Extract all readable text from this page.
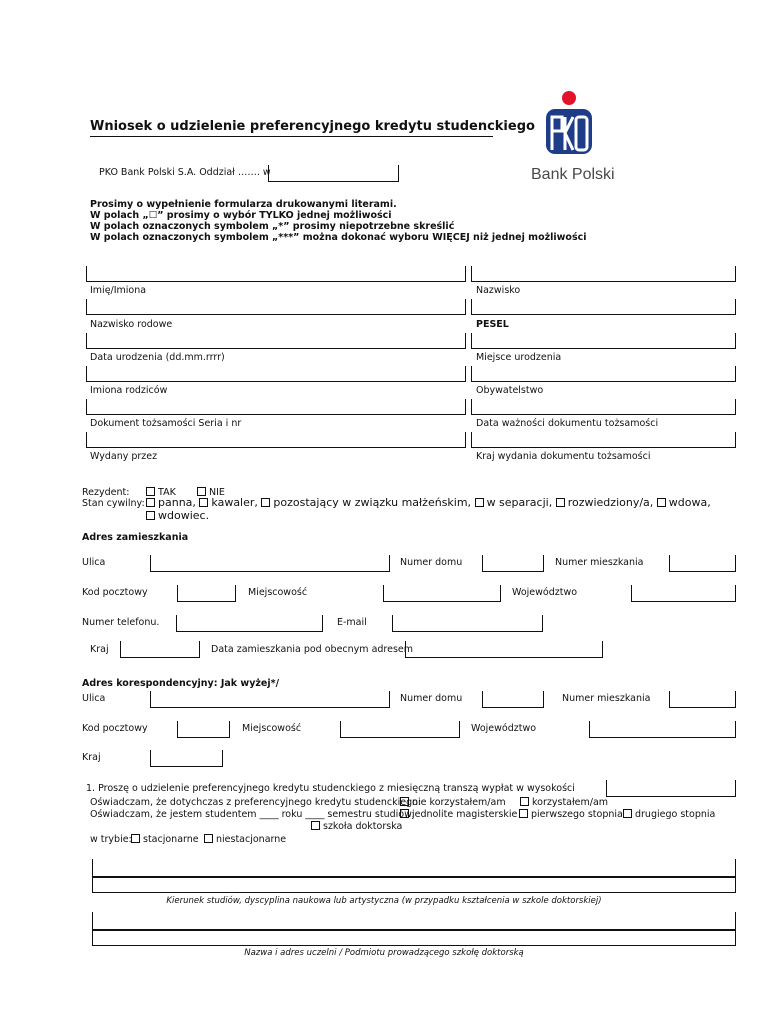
Wniosek o udzielenie preferencyjnego kredytu studenckiego
Bank Polski
PKO Bank Polski S.A. Oddział ……. w
Prosimy o wypełnienie formularza drukowanymi literami.
W polach „☐” prosimy o wybór TYLKO jednej możliwości
W polach oznaczonych symbolem „*” prosimy niepotrzebne skreślić
W polach oznaczonych symbolem „***” można dokonać wyboru WIĘCEJ niż jednej możliwości
Imię/Imiona	Nazwisko
Nazwisko rodowe	PESEL
Data urodzenia (dd.mm.rrrr)	Miejsce urodzenia
Imiona rodziców	Obywatelstwo
Dokument tożsamości Seria i nr	Data ważności dokumentu tożsamości
Wydany przez	Kraj wydania dokumentu tożsamości
Rezydent:	TAK	NIE
Stan cywilny:	panna, kawaler, pozostający w związku małżeńskim, w separacji, rozwiedziony/a, wdowa,
wdowiec.
Adres zamieszkania
Ulica	Numer domu	Numer mieszkania
Kod pocztowy	Miejscowość	Województwo
Numer telefonu.	E-mail
Kraj	Data zamieszkania pod obecnym adresem
Adres korespondencyjny: Jak wyżej*/
Ulica	Numer domu	Numer mieszkania
Kod pocztowy	Miejscowość	Województwo
Kraj
1. Proszę o udzielenie preferencyjnego kredytu studenckiego z miesięczną transzą wypłat w wysokości
Oświadczam, że dotychczas z preferencyjnego kredytu studenckiego:
nie korzystałem/am	korzystałem/am
Oświadczam, że jestem studentem ____ roku ____ semestru studiów:
jednolite magisterskie	pierwszego stopnia	drugiego stopnia
szkoła doktorska
w trybie:	stacjonarne	niestacjonarne
Kierunek studiów, dyscyplina naukowa lub artystyczna (w przypadku kształcenia w szkole doktorskiej)
Nazwa i adres uczelni / Podmiotu prowadzącego szkołę doktorską
